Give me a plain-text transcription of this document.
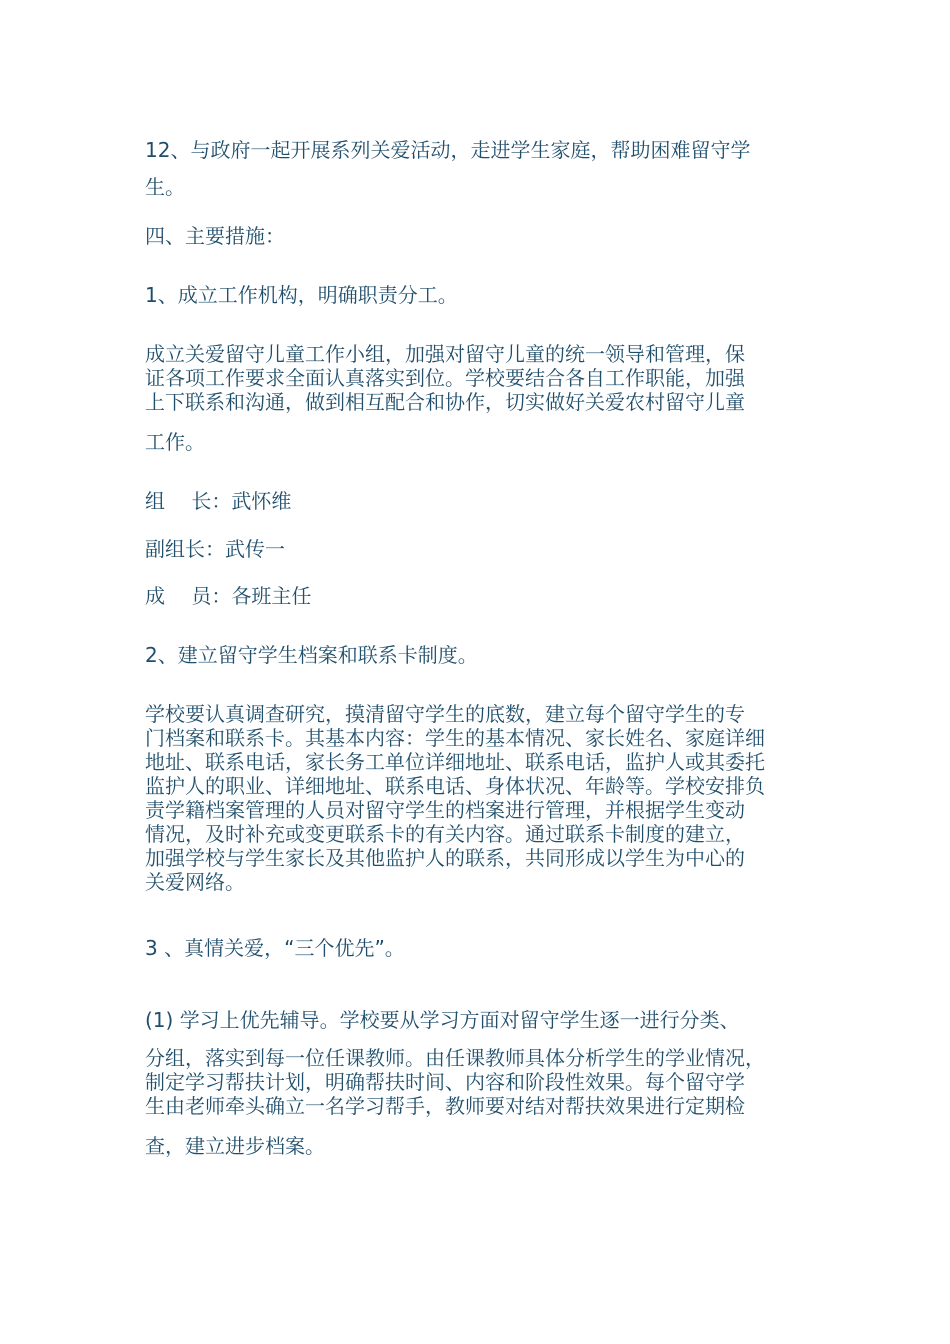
12、与政府一起开展系列关爱活动，走进学生家庭，帮助困难留守学

生。

四、主要措施：

1、成立工作机构，明确职责分工。

成立关爱留守儿童工作小组，加强对留守儿童的统一领导和管理，保
证各项工作要求全面认真落实到位。学校要结合各自工作职能，加强
上下联系和沟通，做到相互配合和协作，切实做好关爱农村留守儿童

工作。

组　 长：武怀维

副组长：武传一

成　 员：各班主任

2、建立留守学生档案和联系卡制度。

学校要认真调查研究，摸清留守学生的底数，建立每个留守学生的专
门档案和联系卡。其基本内容：学生的基本情况、家长姓名、家庭详细
地址、联系电话，家长务工单位详细地址、联系电话，监护人或其委托
监护人的职业、详细地址、联系电话、身体状况、年龄等。学校安排负
责学籍档案管理的人员对留守学生的档案进行管理，并根据学生变动
情况，及时补充或变更联系卡的有关内容。通过联系卡制度的建立，
加强学校与学生家长及其他监护人的联系，共同形成以学生为中心的
关爱网络。

3 、真情关爱，“三个优先”。

(1) 学习上优先辅导。学校要从学习方面对留守学生逐一进行分类、

分组，落实到每一位任课教师。由任课教师具体分析学生的学业情况，
制定学习帮扶计划，明确帮扶时间、内容和阶段性效果。每个留守学
生由老师牵头确立一名学习帮手，教师要对结对帮扶效果进行定期检

查，建立进步档案。
